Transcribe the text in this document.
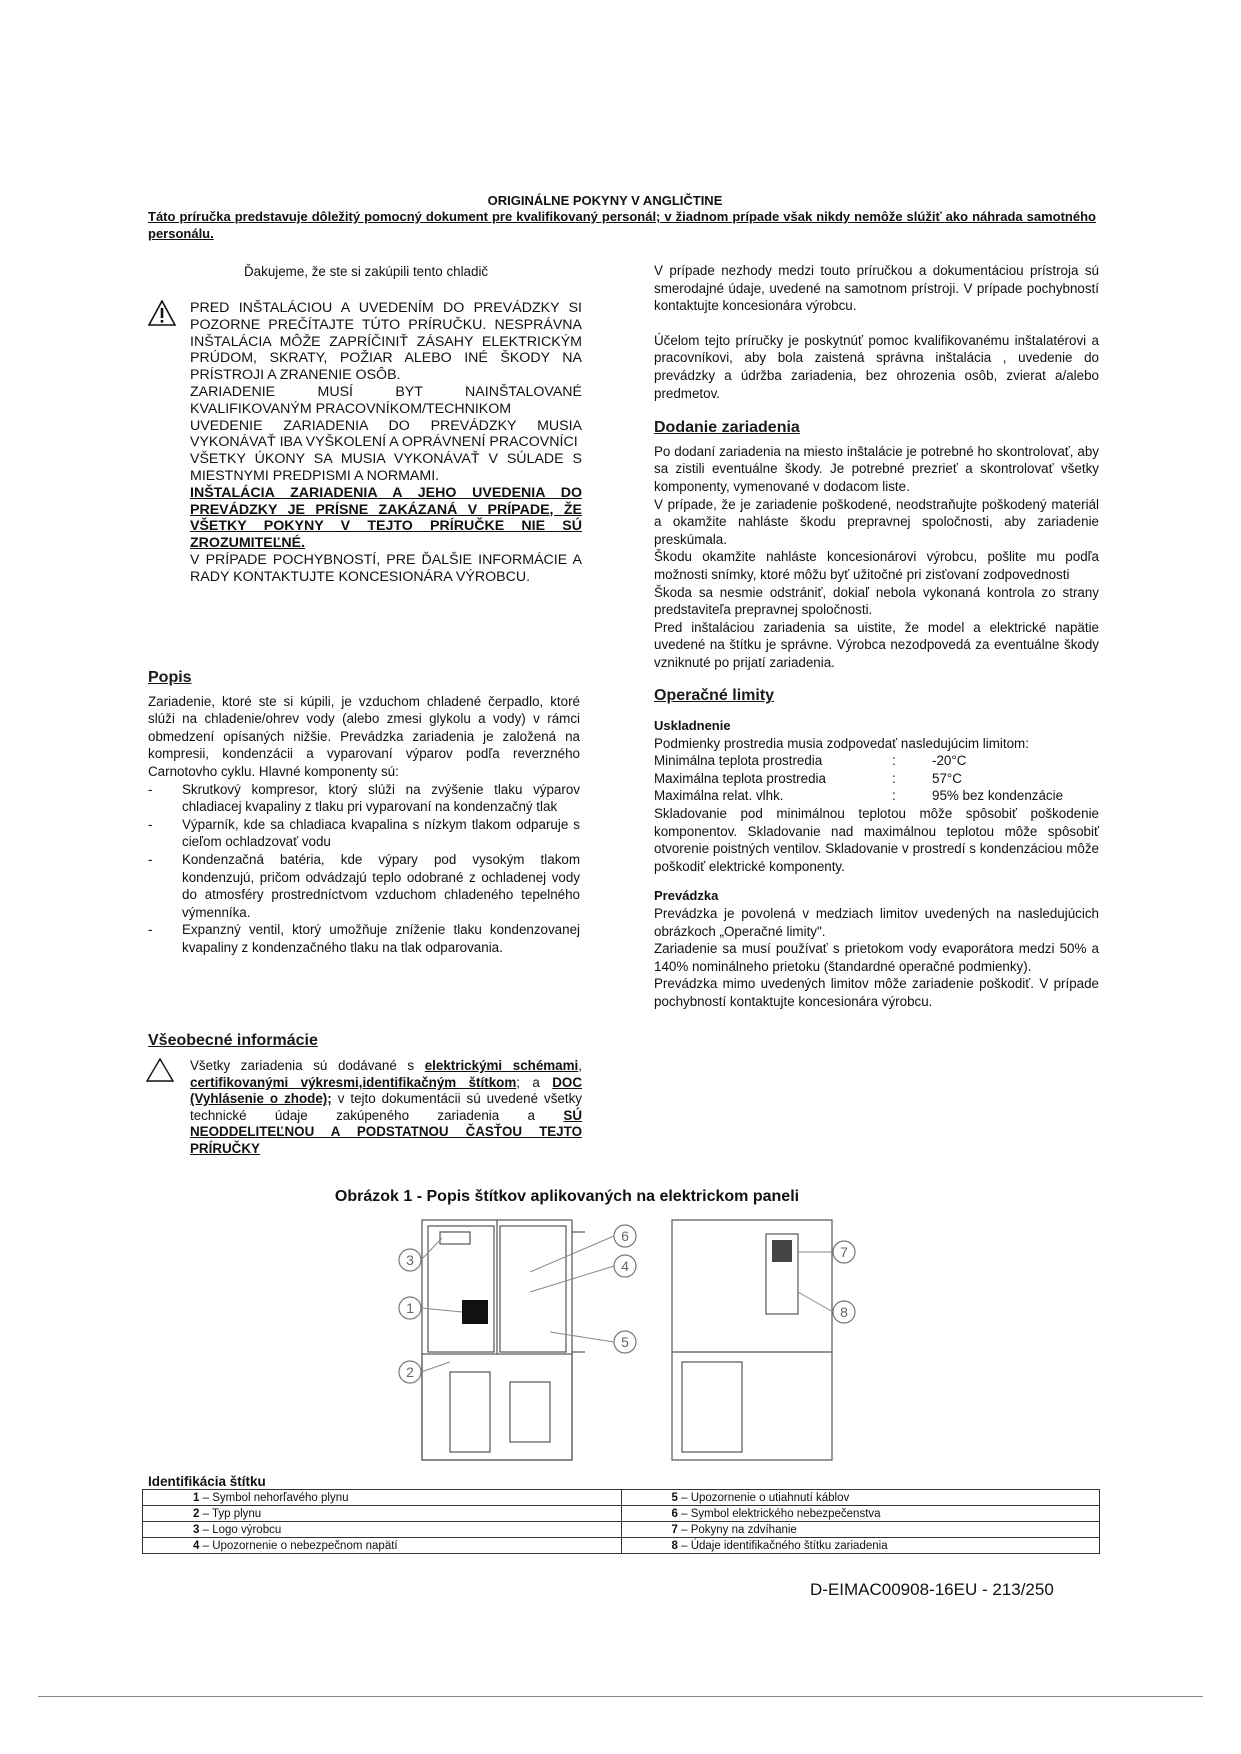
ORIGINÁLNE POKYNY V ANGLIČTINE
Táto príručka predstavuje dôležitý pomocný dokument pre kvalifikovaný personál; v žiadnom prípade však nikdy nemôže slúžiť ako náhrada samotného personálu.
Ďakujeme, že ste si zakúpili tento chladič

PRED INŠTALÁCIOU A UVEDENÍM DO PREVÁDZKY SI POZORNE PREČÍTAJTE TÚTO PRÍRUČKU. NESPRÁVNA INŠTALÁCIA MÔŽE ZAPRÍČINIŤ ZÁSAHY ELEKTRICKÝM PRÚDOM, SKRATY, POŽIAR ALEBO INÉ ŠKODY NA PRÍSTROJI A ZRANENIE OSÔB.

ZARIADENIE MUSÍ BYT NAINŠTALOVANÉ KVALIFIKOVANÝM PRACOVNÍKOM/TECHNIKOM

UVEDENIE ZARIADENIA DO PREVÁDZKY MUSIA VYKONÁVAŤ IBA VYŠKOLENÍ A OPRÁVNENÍ PRACOVNÍCI

VŠETKY ÚKONY SA MUSIA VYKONÁVAŤ V SÚLADE S MIESTNYMI PREDPISMI A NORMAMI.

INŠTALÁCIA ZARIADENIA A JEHO UVEDENIA DO PREVÁDZKY JE PRÍSNE ZAKÁZANÁ V PRÍPADE, ŽE VŠETKY POKYNY V TEJTO PRÍRUČKE NIE SÚ ZROZUMITEĽNÉ.

V PRÍPADE POCHYBNOSTÍ, PRE ĎALŠIE INFORMÁCIE A RADY KONTAKTUJTE KONCESIONÁRA VÝROBCU.

Popis

Zariadenie, ktoré ste si kúpili, je vzduchom chladené čerpadlo, ktoré slúži na chladenie/ohrev vody (alebo zmesi glykolu a vody) v rámci obmedzení opísaných nižšie. Prevádzka zariadenia je založená na kompresii, kondenzácii a vyparovaní výparov podľa reverzného Carnotovho cyklu. Hlavné komponenty sú:

- Skrutkový kompresor, ktorý slúži na zvýšenie tlaku výparov chladiacej kvapaliny z tlaku pri vyparovaní na kondenzačný tlak

- Výparník, kde sa chladiaca kvapalina s nízkym tlakom odparuje s cieľom ochladzovať vodu

- Kondenzačná batéria, kde výpary pod vysokým tlakom kondenzujú, pričom odvádzajú teplo odobrané z ochladenej vody do atmosféry prostredníctvom vzduchom chladeného tepelného výmenníka.

- Expanzný ventil, ktorý umožňuje zníženie tlaku kondenzovanej kvapaliny z kondenzačného tlaku na tlak odparovania.

Všeobecné informácie
Všetky zariadenia sú dodávané s elektrickými schémami, certifikovanými výkresmi,identifikačným štítkom; a DOC (Vyhlásenie o zhode); v tejto dokumentácii sú uvedené všetky technické údaje zakúpeného zariadenia a SÚ NEODDELITEĽNOU A PODSTATNOU ČASŤOU TEJTO PRÍRUČKY

V prípade nezhody medzi touto príručkou a dokumentáciou prístroja sú smerodajné údaje, uvedené na samotnom prístroji. V prípade pochybností kontaktujte koncesionára výrobcu.

Účelom tejto príručky je poskytnúť pomoc kvalifikovanému inštalatérovi a pracovníkovi, aby bola zaistená správna inštalácia , uvedenie do prevádzky a údržba zariadenia, bez ohrozenia osôb, zvierat a/alebo predmetov.

Dodanie zariadenia

Po dodaní zariadenia na miesto inštalácie je potrebné ho skontrolovať, aby sa zistili eventuálne škody. Je potrebné prezrieť a skontrolovať všetky komponenty, vymenované v dodacom liste.

V prípade, že je zariadenie poškodené, neodstraňujte poškodený materiál a okamžite nahláste škodu prepravnej spoločnosti, aby zariadenie preskúmala.

Škodu okamžite nahláste koncesionárovi výrobcu, pošlite mu podľa možnosti snímky, ktoré môžu byť užitočné pri zisťovaní zodpovednosti

Škoda sa nesmie odstrániť, dokiaľ nebola vykonaná kontrola zo strany predstaviteľa prepravnej spoločnosti.

Pred inštaláciou zariadenia sa uistite, že model a elektrické napätie uvedené na štítku je správne. Výrobca nezodpovedá za eventuálne škody vzniknuté po prijatí zariadenia.

Operačné limity
Uskladnenie

Podmienky prostredia musia zodpovedať nasledujúcim limitom:

Minimálna teplota prostredia	:	-20°C
Maximálna teplota prostredia	:	57°C
Maximálna relat. vlhk.	:	95% bez kondenzácie

Skladovanie pod minimálnou teplotou môže spôsobiť poškodenie komponentov. Skladovanie nad maximálnou teplotou môže spôsobiť otvorenie poistných ventilov. Skladovanie v prostredí s kondenzáciou môže poškodiť elektrické komponenty.

Prevádzka

Prevádzka je povolená v medziach limitov uvedených na nasledujúcich obrázkoch „Operačné limity".

Zariadenie sa musí používať s prietokom vody evaporátora medzi 50% a 140% nominálneho prietoku (štandardné operačné podmienky).

Prevádzka mimo uvedených limitov môže zariadenie poškodiť. V prípade pochybností kontaktujte koncesionára výrobcu.

Obrázok 1 - Popis štítkov aplikovaných na elektrickom paneli
3
1
2
6
4
5
7
8
Identifikácia štítku
1 – Symbol nehorľavého plynu	5 – Upozornenie o utiahnutí káblov
2 – Typ plynu	6 – Symbol elektrického nebezpečenstva
3 – Logo výrobcu	7 – Pokyny na zdvíhanie
4 – Upozornenie o nebezpečnom napätí	8 – Údaje identifikačného štítku zariadenia
D-EIMAC00908-16EU - 213/250
